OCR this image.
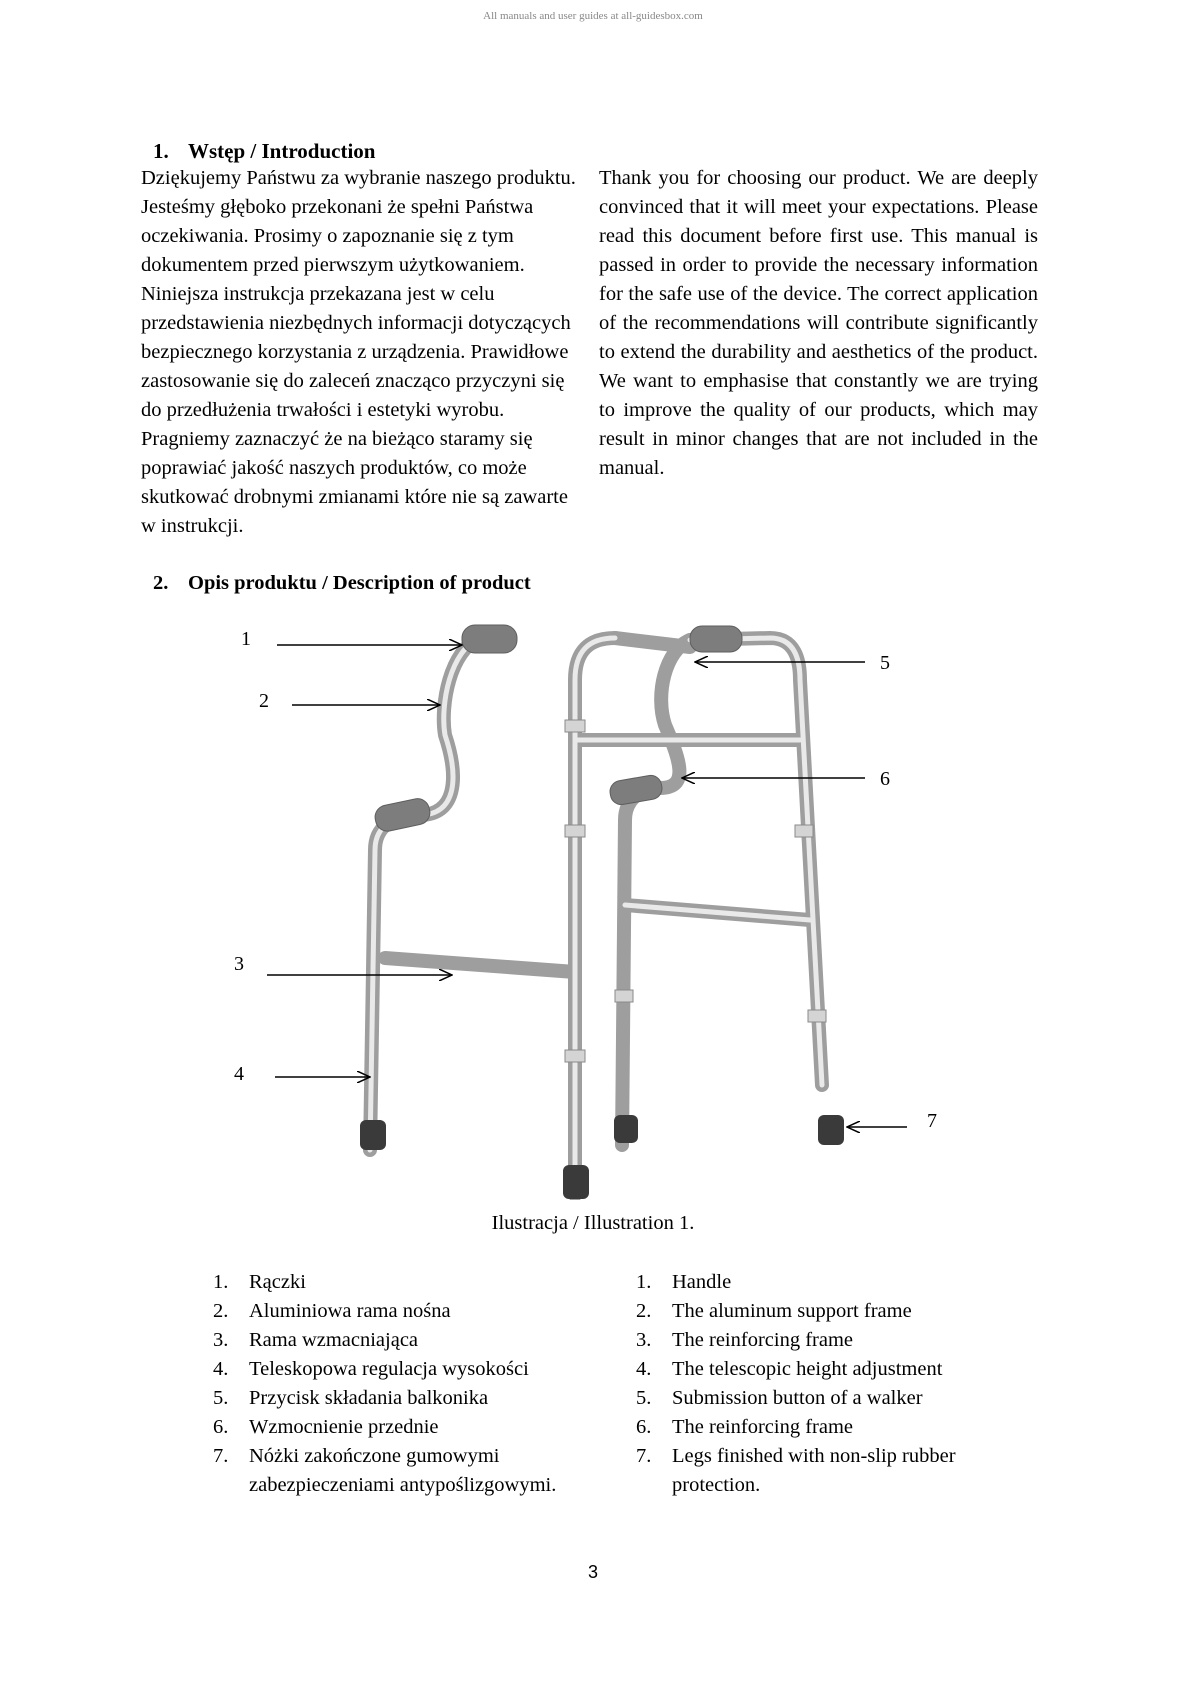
All manuals and user guides at all-guidesbox.com
1. Wstęp / Introduction

Dziękujemy Państwu za wybranie naszego produktu. Jesteśmy głęboko przekonani że spełni Państwa oczekiwania. Prosimy o zapoznanie się z tym dokumentem przed pierwszym użytkowaniem. Niniejsza instrukcja przekazana jest w celu przedstawienia niezbędnych informacji dotyczących bezpiecznego korzystania z urządzenia. Prawidłowe zastosowanie się do zaleceń znacząco przyczyni się do przedłużenia trwałości i estetyki wyrobu. Pragniemy zaznaczyć że na bieżąco staramy się poprawiać jakość naszych produktów, co może skutkować drobnymi zmianami które nie są zawarte w instrukcji.

Thank you for choosing our product. We are deeply convinced that it will meet your expectations. Please read this document before first use. This manual is passed in order to provide the necessary information for the safe use of the device. The correct application of the recommendations will contribute significantly to extend the durability and aesthetics of the product. We want to emphasise that constantly we are trying to improve the quality of our products, which may result in minor changes that are not included in the manual.

2. Opis produktu / Description of product
1
2
3
4
5
6
7
Ilustracja / Illustration 1.
1. Rączki
2. Aluminiowa rama nośna
3. Rama wzmacniająca
4. Teleskopowa regulacja wysokości
5. Przycisk składania balkonika
6. Wzmocnienie przednie
7. Nóżki zakończone gumowymi zabezpieczeniami antypoślizgowymi.
1. Handle
2. The aluminum support frame
3. The reinforcing frame
4. The telescopic height adjustment
5. Submission button of a walker
6. The reinforcing frame
7. Legs finished with non-slip rubber protection.
3
